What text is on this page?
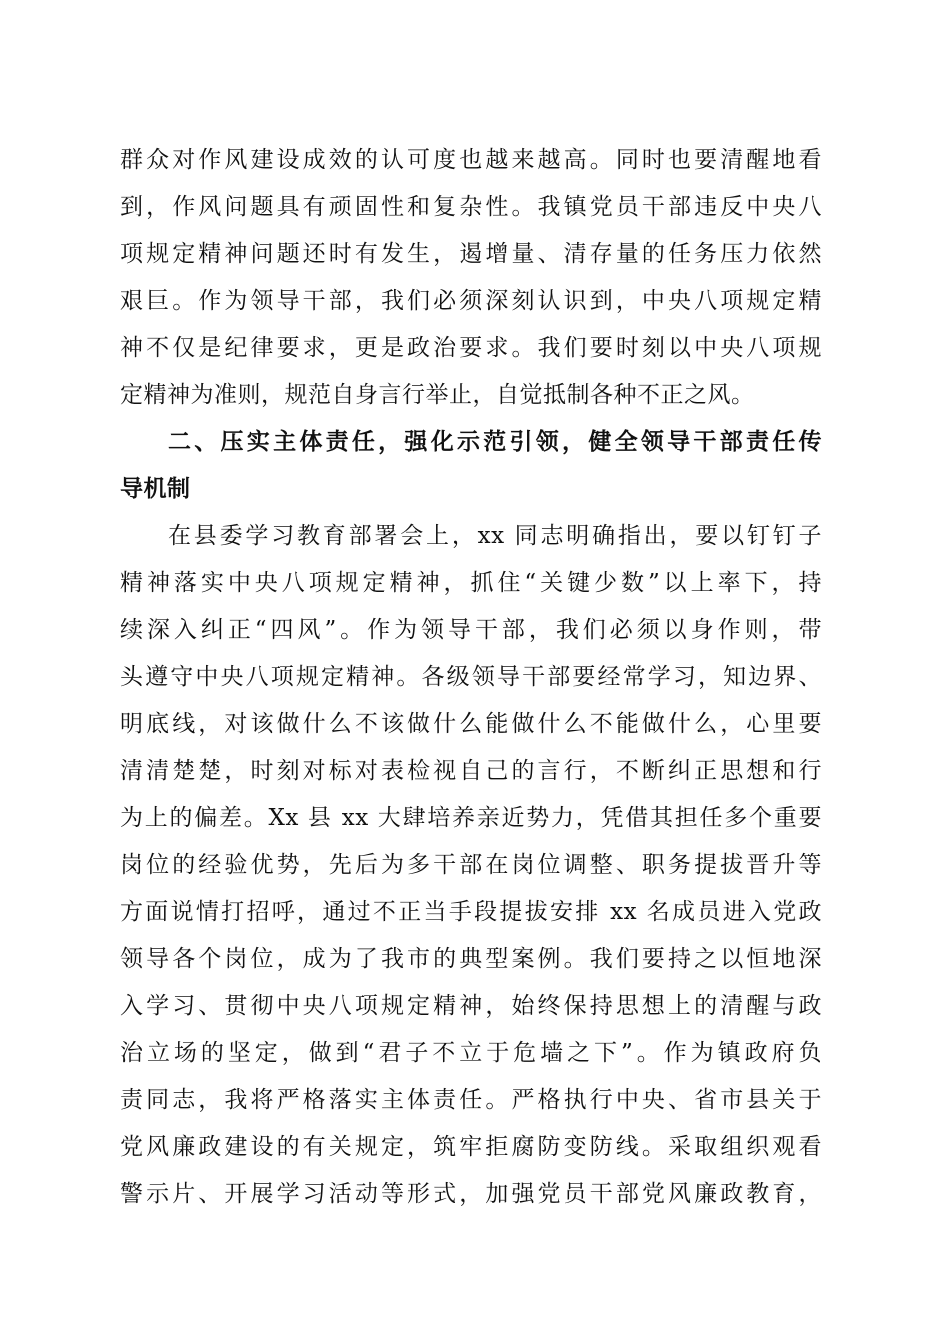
群众对作风建设成效的认可度也越来越高。同时也要清醒地看
到，作风问题具有顽固性和复杂性。我镇党员干部违反中央八
项规定精神问题还时有发生，遏增量、清存量的任务压力依然
艰巨。作为领导干部，我们必须深刻认识到，中央八项规定精
神不仅是纪律要求，更是政治要求。我们要时刻以中央八项规
定精神为准则，规范自身言行举止，自觉抵制各种不正之风。
二、压实主体责任，强化示范引领，健全领导干部责任传
导机制
在县委学习教育部署会上，xx 同志明确指出，要以钉钉子
精神落实中央八项规定精神，抓住“关键少数”以上率下，持
续深入纠正“四风”。作为领导干部，我们必须以身作则，带
头遵守中央八项规定精神。各级领导干部要经常学习，知边界、
明底线，对该做什么不该做什么能做什么不能做什么，心里要
清清楚楚，时刻对标对表检视自己的言行，不断纠正思想和行
为上的偏差。Xx 县 xx 大肆培养亲近势力，凭借其担任多个重要
岗位的经验优势，先后为多干部在岗位调整、职务提拔晋升等
方面说情打招呼，通过不正当手段提拔安排 xx 名成员进入党政
领导各个岗位，成为了我市的典型案例。我们要持之以恒地深
入学习、贯彻中央八项规定精神，始终保持思想上的清醒与政
治立场的坚定，做到“君子不立于危墙之下”。作为镇政府负
责同志，我将严格落实主体责任。严格执行中央、省市县关于
党风廉政建设的有关规定，筑牢拒腐防变防线。采取组织观看
警示片、开展学习活动等形式，加强党员干部党风廉政教育，
